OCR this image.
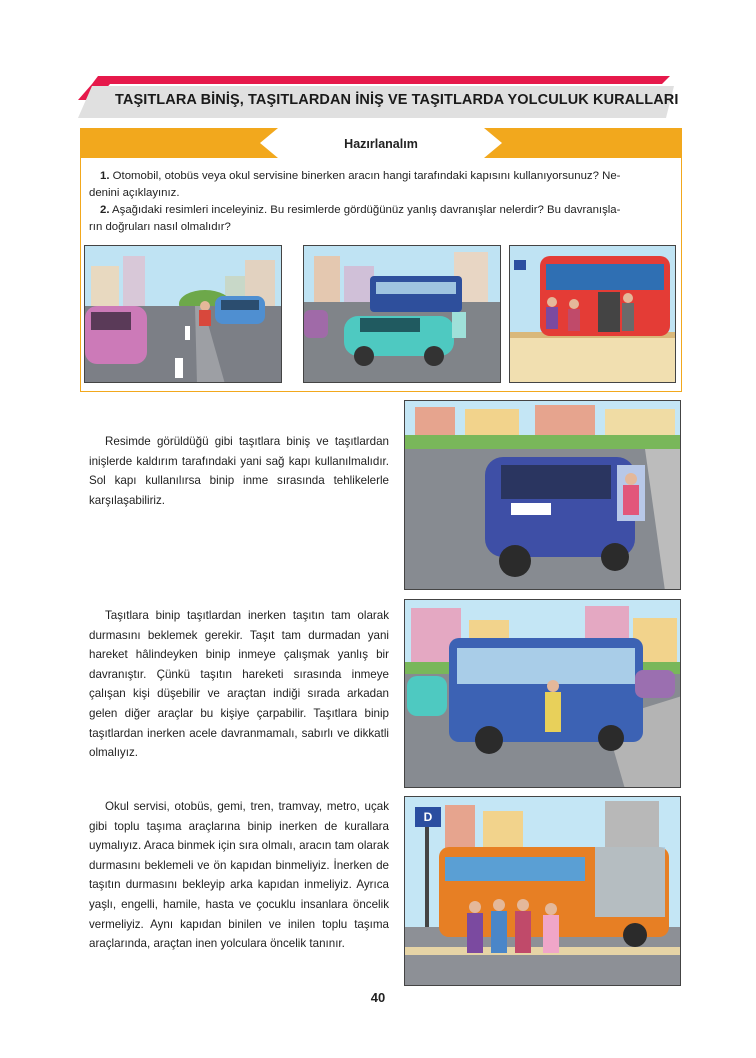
TAŞITLARA BİNİŞ, TAŞITLARDAN İNİŞ VE TAŞITLARDA YOLCULUK KURALLARI
Hazırlanalım
1. Otomobil, otobüs veya okul servisine binerken aracın hangi tarafındaki kapısını kullanıyorsunuz? Ne-
denini açıklayınız.
2. Aşağıdaki resimleri inceleyiniz. Bu resimlerde gördüğünüz yanlış davranışlar nelerdir? Bu davranışla-
rın doğruları nasıl olmalıdır?
Resimde görüldüğü gibi taşıtlara biniş ve taşıtlardan inişlerde kaldırım tarafındaki yani sağ kapı kullanılmalıdır. Sol kapı kullanılırsa binip inme sırasında tehlikelerle karşılaşabiliriz.
Taşıtlara binip taşıtlardan inerken taşıtın tam olarak durmasını beklemek gerekir. Taşıt tam durmadan yani hareket hâlindeyken binip inmeye çalışmak yanlış bir davranıştır. Çünkü taşıtın hareketi sırasında inmeye çalışan kişi düşebilir ve araçtan indiği sırada arkadan gelen diğer araçlar bu kişiye çarpabilir. Taşıtlara binip taşıtlardan inerken acele davranmamalı, sabırlı ve dikkatli olmalıyız.
Okul servisi, otobüs, gemi, tren, tramvay, metro, uçak gibi toplu taşıma araçlarına binip inerken de kurallara uymalıyız. Araca binmek için sıra olmalı, aracın tam olarak durmasını beklemeli ve ön kapıdan binmeliyiz. İnerken de taşıtın durmasını bekleyip arka kapıdan inmeliyiz. Ayrıca yaşlı, engelli, hamile, hasta ve çocuklu insanlara öncelik vermeliyiz. Aynı kapıdan binilen ve inilen toplu taşıma araçlarında, araçtan inen yolculara öncelik tanınır.
D
40
